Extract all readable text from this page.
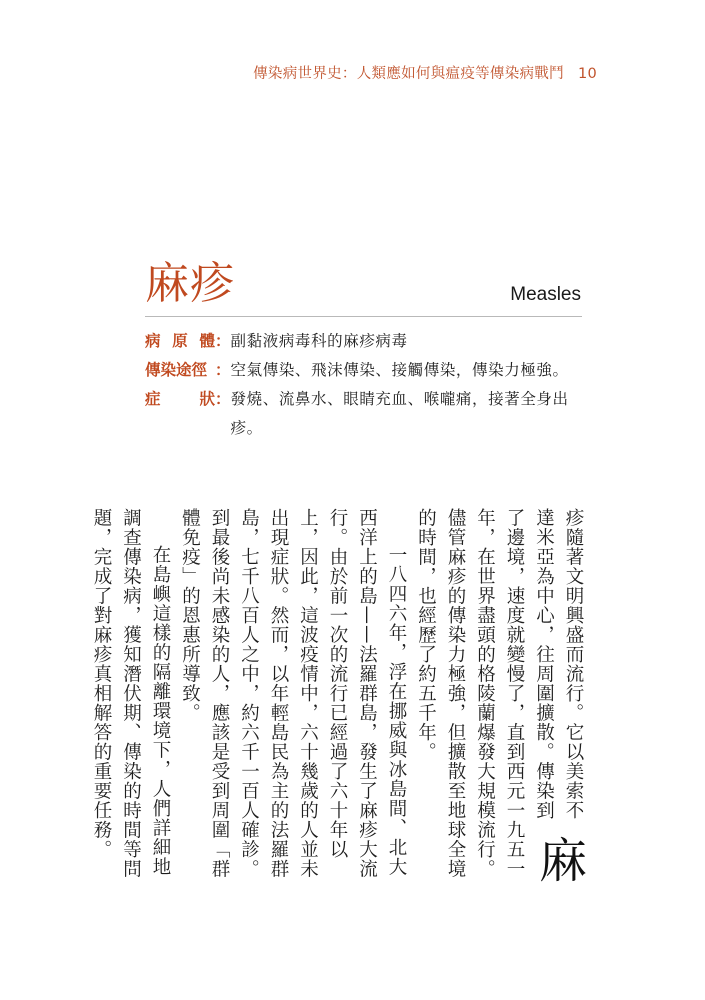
傳染病世界史：人類應如何與瘟疫等傳染病戰鬥 10
麻疹	Measles
病 原 體 ： 副黏液病毒科的麻疹病毒
傳染途徑 ： 空氣傳染、飛沫傳染、接觸傳染，傳染力極強。
症	狀 ： 發燒、流鼻水、眼睛充血、喉嚨痛，接著全身出疹。

麻
疹隨著文明興盛而流行。它以美索不達米亞為中心，往周圍擴散。傳染到了邊境，速度就變慢了，直到西元一九五一年，在世界盡頭的格陵蘭爆發大規模流行。儘管麻疹的傳染力極強，但擴散至地球全境的時間，也經歷了約五千年。

一八四六年，浮在挪威與冰島間、北大西洋上的島——法羅群島，發生了麻疹大流行。由於前一次的流行已經過了六十年以上，因此，這波疫情中，六十幾歲的人並未出現症狀。然而，以年輕島民為主的法羅群島，七千八百人之中，約六千一百人確診。到最後尚未感染的人，應該是受到周圍「群體免疫」的恩惠所導致。

在島嶼這樣的隔離環境下，人們詳細地調查傳染病，獲知潛伏期、傳染的時間等問題，完成了對麻疹真相解答的重要任務。
